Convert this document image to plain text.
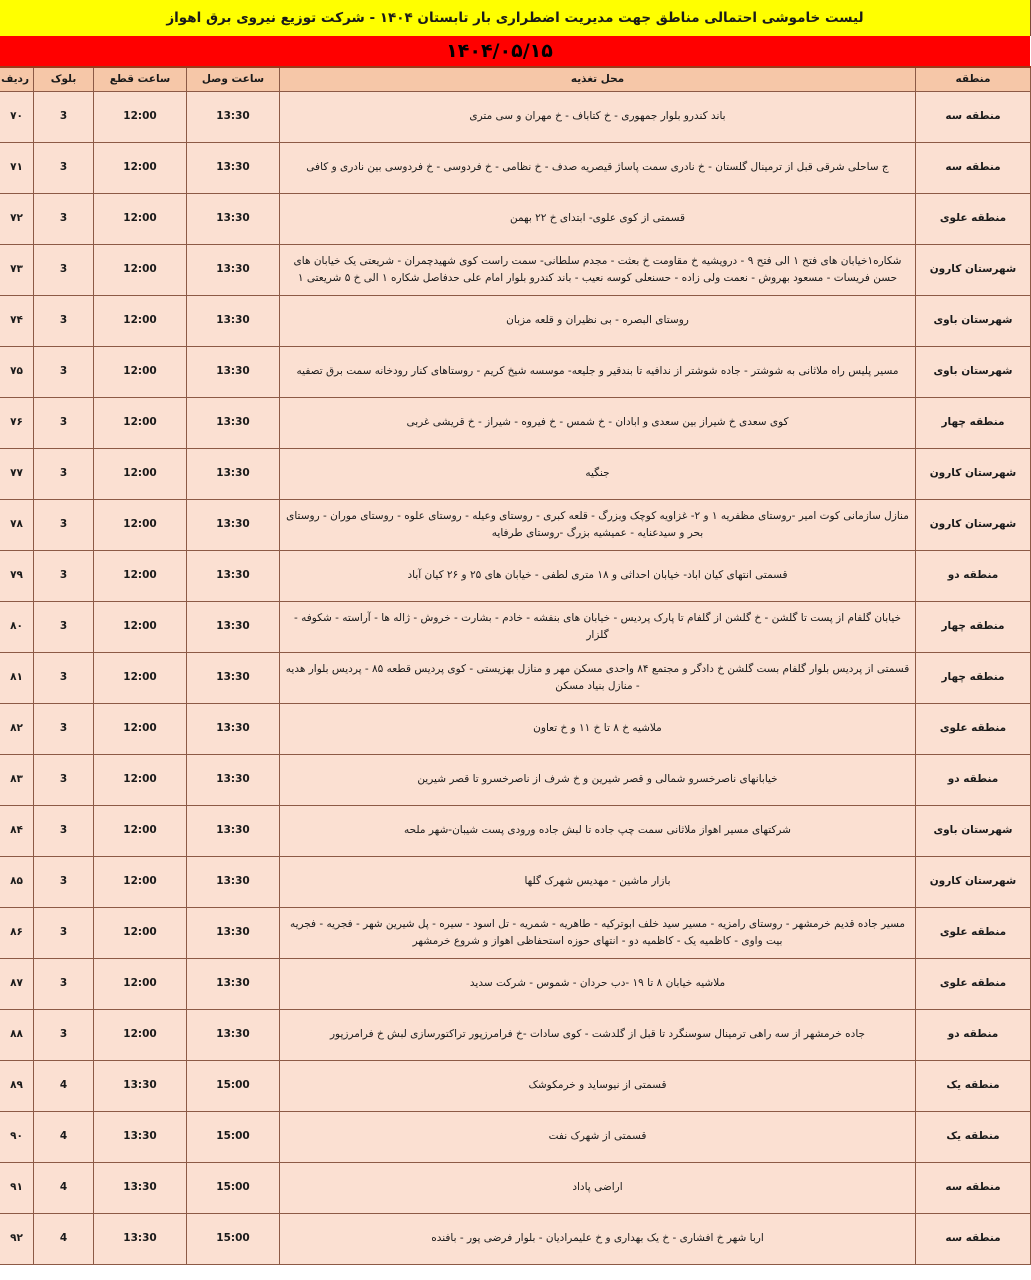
لیست خاموشی احتمالی مناطق جهت مدیریت اضطراری بار تابستان ۱۴۰۴ - شرکت توزیع نیروی برق اهواز
۱۴۰۴/۰۵/۱۵
منطقه	محل تغذیه	ساعت وصل	ساعت قطع	بلوک	ردیف
منطقه سه	باند کندرو بلوار جمهوری - خ کتاباف - خ مهران و سی متری	13:30	12:00	3	۷۰
منطقه سه	ج ساحلی شرقی قبل از ترمینال گلستان - خ نادری سمت پاساژ قیصریه صدف - خ نظامی - خ فردوسی - خ فردوسی بین نادری و کافی	13:30	12:00	3	۷۱
منطقه علوی	قسمتی از کوی علوی- ابتدای خ ۲۲ بهمن	13:30	12:00	3	۷۲
شهرستان کارون	شکاره۱خیابان های فتح ۱ الی فتح ۹ - درویشیه خ مقاومت خ بعثت - مجدم سلطانی- سمت راست کوی شهیدچمران - شریعتی یک خیابان های حسن فریسات - مسعود بهروش - نعمت ولی زاده - حسنعلی کوسه نعیب - باند کندرو بلوار امام علی حدفاصل شکاره ۱ الی خ ۵ شریعتی ۱	13:30	12:00	3	۷۳
شهرستان باوی	روستای البصره - بی نظیران و قلعه مزبان	13:30	12:00	3	۷۴
شهرستان باوی	مسیر پلیس راه ملاثانی به شوشتر - جاده شوشتر از ندافیه تا بندقیر و جلیعه- موسسه شیخ کریم - روستاهای کنار رودخانه سمت برق تصفیه	13:30	12:00	3	۷۵
منطقه چهار	کوی سعدی خ شیراز بین سعدی و ابادان - خ شمس - خ فیروه - شیراز - خ قریشی غربی	13:30	12:00	3	۷۶
شهرستان کارون	جنگیه	13:30	12:00	3	۷۷
شهرستان کارون	منازل سازمانی کوت امیر -روستای مظفریه ۱ و ۲- غزاویه کوچک وبزرگ - قلعه کبری - روستای وعیله - روستای علوه - روستای موران - روستای بحر و سیدعنایه - عمیشیه بزرگ -روستای طرفایه	13:30	12:00	3	۷۸
منطقه دو	قسمتی انتهای کیان اباد- خیابان احداثی و ۱۸ متری لطفی - خیابان های ۲۵ و ۲۶ کیان آباد	13:30	12:00	3	۷۹
منطقه چهار	خیابان گلفام از پست تا گلشن - خ گلشن از گلفام تا پارک پردیس - خیابان های بنفشه - خادم - بشارت - خروش - ژاله ها - آراسته - شکوفه - گلزار	13:30	12:00	3	۸۰
منطقه چهار	قسمتی از پردیس بلوار گلفام بست گلشن خ دادگر و مجتمع ۸۴ واحدی مسکن مهر و منازل بهزیستی - کوی پردیس قطعه ۸۵ - پردیس بلوار هدیه - منازل بنیاد مسکن	13:30	12:00	3	۸۱
منطقه علوی	ملاشیه خ ۸ تا خ ۱۱ و خ تعاون	13:30	12:00	3	۸۲
منطقه دو	خیابانهای ناصرخسرو شمالی و قصر شیرین و خ شرف از ناصرخسرو تا قصر شیرین	13:30	12:00	3	۸۳
شهرستان باوی	شرکتهای مسیر اهواز ملاثانی سمت چپ جاده تا لبش جاده ورودی پست شیبان-شهر ملحه	13:30	12:00	3	۸۴
شهرستان کارون	بازار ماشین - مهدیس شهرک گلها	13:30	12:00	3	۸۵
منطقه علوی	مسیر جاده قدیم خرمشهر - روستای رامزیه - مسیر سید خلف ابوترکیه - طاهریه - شمریه - تل اسود - سیره - پل شیرین شهر - فجریه - فجریه بیت واوی - کاظمیه یک - کاظمیه دو - انتهای حوزه استحفاظی اهواز و شروع خرمشهر	13:30	12:00	3	۸۶
منطقه علوی	ملاشیه خیابان ۸ تا ۱۹ -دب حردان - شموس - شرکت سدید	13:30	12:00	3	۸۷
منطقه دو	جاده خرمشهر از سه راهی ترمینال سوسنگرد تا قبل از گلدشت - کوی سادات -خ فرامرزپور تراکتورسازی لبش خ فرامرزپور	13:30	12:00	3	۸۸
منطقه یک	قسمتی از نیوساید و خرمکوشک	15:00	13:30	4	۸۹
منطقه یک	قسمتی از شهرک نفت	15:00	13:30	4	۹۰
منطقه سه	اراضی پاداد	15:00	13:30	4	۹۱
منطقه سه	اربا شهر خ افشاری - خ یک بهداری و خ علیمرادیان - بلوار فرضی پور - بافنده	15:00	13:30	4	۹۲
